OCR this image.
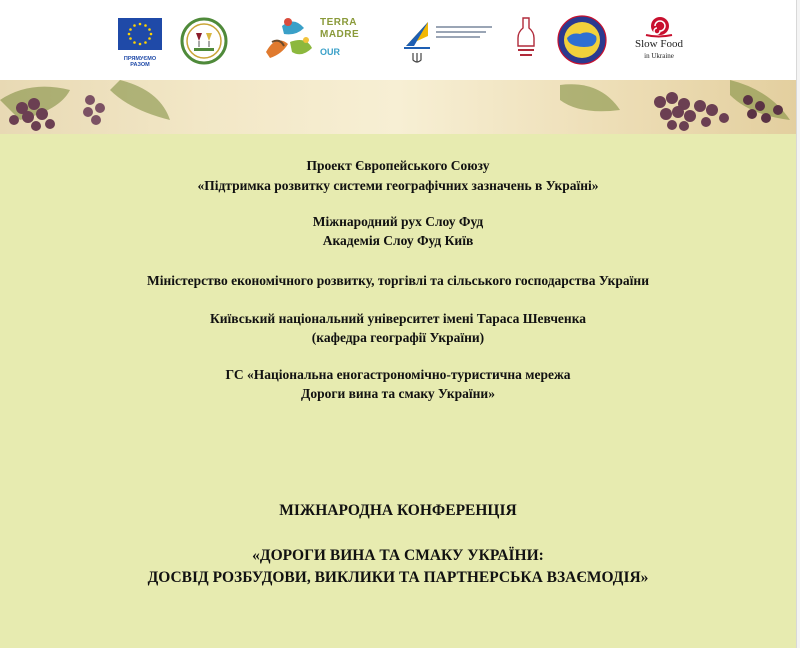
ПРЯМУЄМО
РАЗОМ
TERRA
MADRE
OUR
Slow Food
in Ukraine
Проект Європейського Союзу
«Підтримка розвитку системи географічних зазначень в Україні»
Міжнародний рух Слоу Фуд
Академія Слоу Фуд Київ
Міністерство економічного розвитку, торгівлі та сільського господарства України
Київський національний університет імені Тараса Шевченка
(кафедра географії України)
ГС «Національна еногастрономічно-туристична мережа
Дороги вина та смаку України»
МІЖНАРОДНА КОНФЕРЕНЦІЯ
«ДОРОГИ ВИНА ТА СМАКУ УКРАЇНИ:
ДОСВІД РОЗБУДОВИ, ВИКЛИКИ ТА ПАРТНЕРСЬКА ВЗАЄМОДІЯ»
